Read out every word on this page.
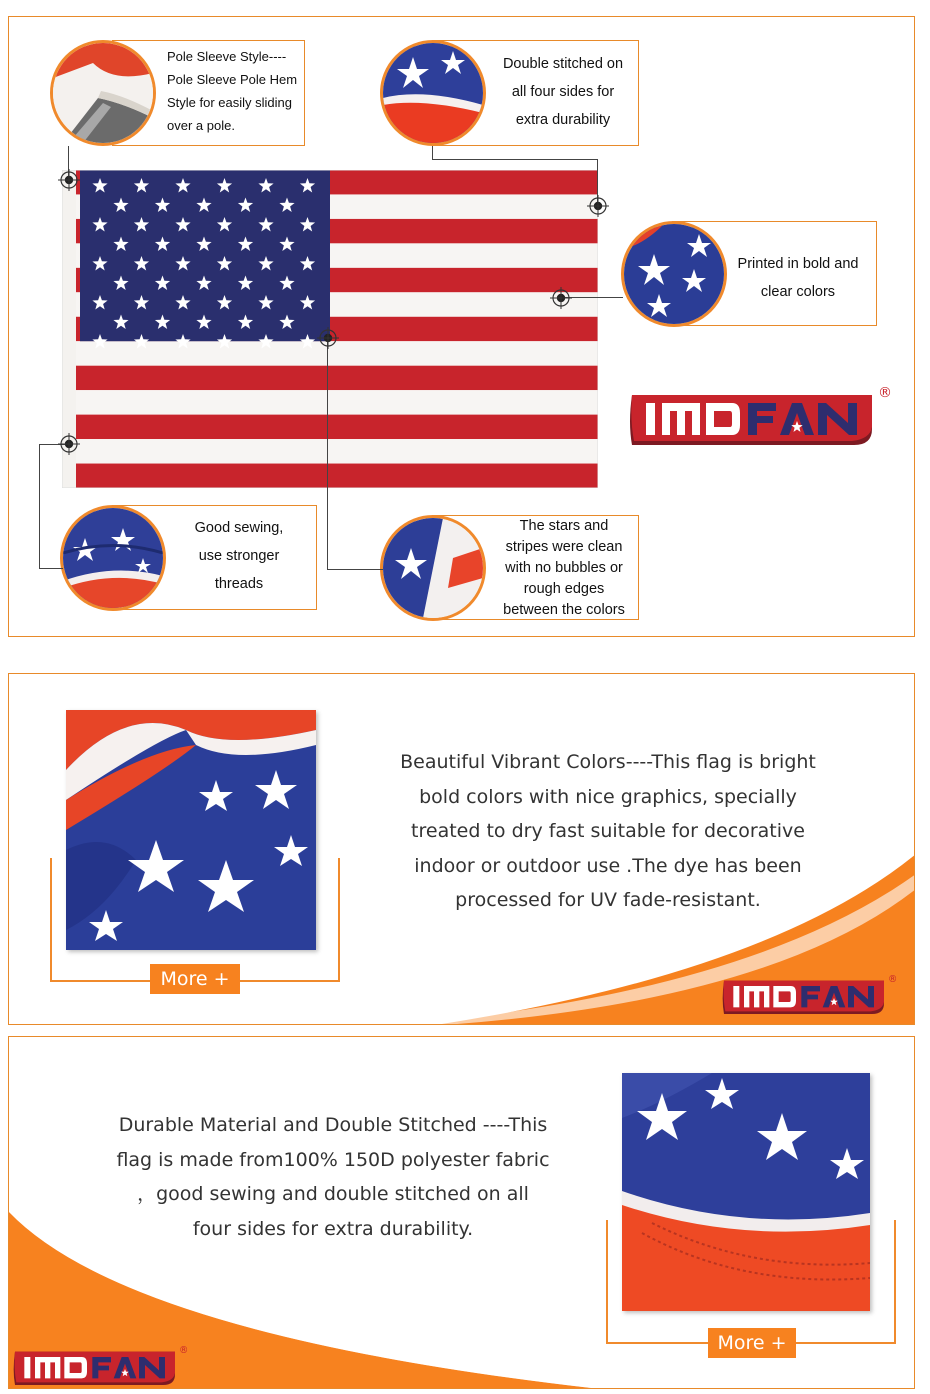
Pole Sleeve Style----
Pole Sleeve Pole Hem
Style for easily sliding
over a pole.
Double stitched on
all four sides for
extra durability
Printed in bold and
clear colors
Good sewing,
use stronger
threads
The stars and
stripes were clean
with no bubbles or
rough edges
between the colors
®
More +
Beautiful Vibrant Colors----This flag is bright
bold colors with nice graphics, specially
treated to dry fast suitable for decorative
indoor or outdoor use .The dye has been
processed for UV fade-resistant.
®
Durable Material and Double Stitched ----This
flag is made from100% 150D polyester fabric
，good sewing and double stitched on all
four sides for extra durability.
More +
®
